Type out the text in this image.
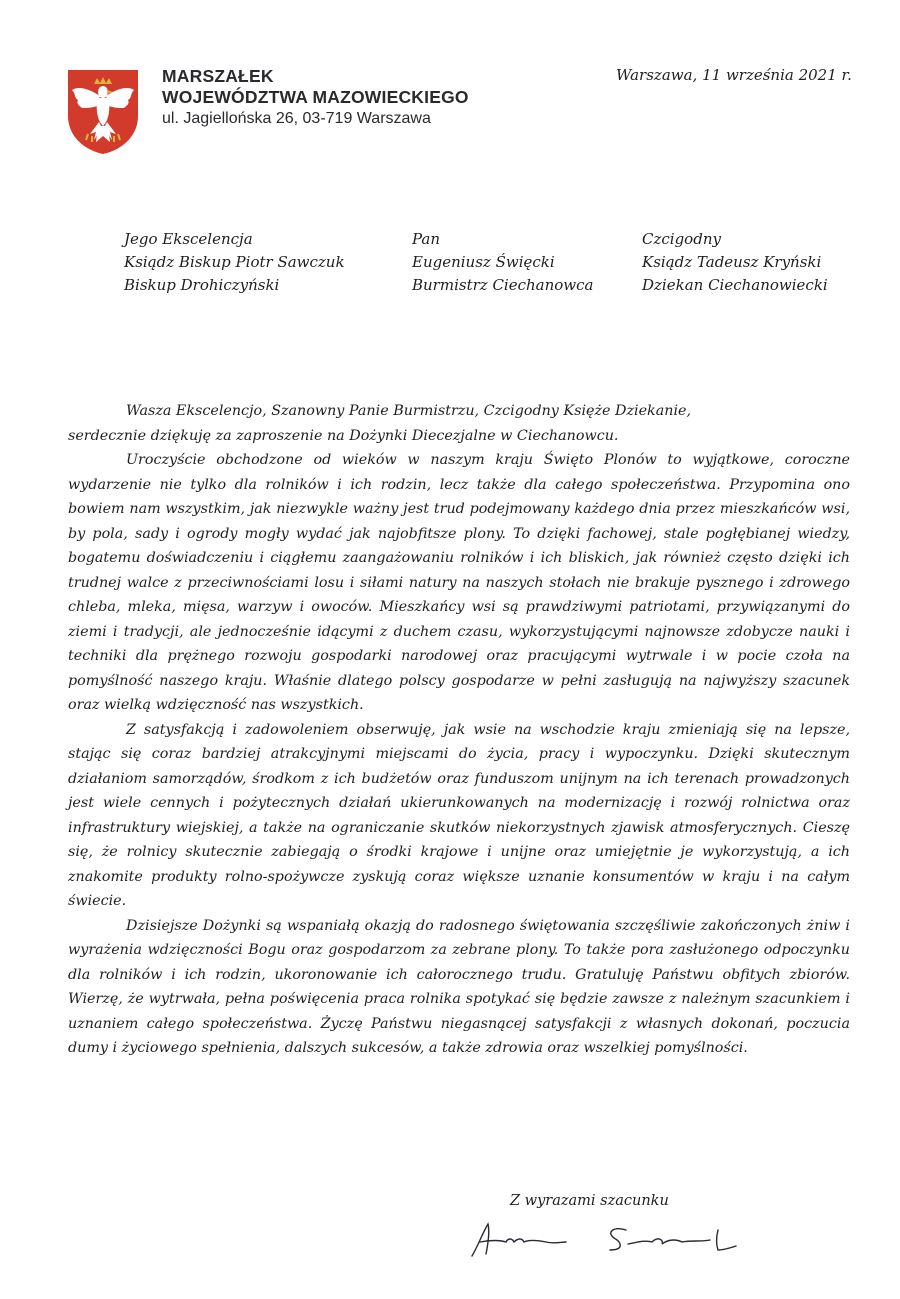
MARSZAŁEK
WOJEWÓDZTWA MAZOWIECKIEGO
ul. Jagiellońska 26, 03-719 Warszawa
Warszawa, 11 września 2021 r.
Jego Ekscelencja
Ksiądz Biskup Piotr Sawczuk
Biskup Drohiczyński
Pan
Eugeniusz Święcki
Burmistrz Ciechanowca
Czcigodny
Ksiądz Tadeusz Kryński
Dziekan Ciechanowiecki
Wasza Ekscelencjo, Szanowny Panie Burmistrzu, Czcigodny Księże Dziekanie,
serdecznie dziękuję za zaproszenie na Dożynki Diecezjalne w Ciechanowcu.

Uroczyście obchodzone od wieków w naszym kraju Święto Plonów to wyjątkowe, coroczne wydarzenie nie tylko dla rolników i ich rodzin, lecz także dla całego społeczeństwa. Przypomina ono bowiem nam wszystkim, jak niezwykle ważny jest trud podejmowany każdego dnia przez mieszkańców wsi, by pola, sady i ogrody mogły wydać jak najobfitsze plony. To dzięki fachowej, stale pogłębianej wiedzy, bogatemu doświadczeniu i ciągłemu zaangażowaniu rolników i ich bliskich, jak również często dzięki ich trudnej walce z przeciwnościami losu i siłami natury na naszych stołach nie brakuje pysznego i zdrowego chleba, mleka, mięsa, warzyw i owoców. Mieszkańcy wsi są prawdziwymi patriotami, przywiązanymi do ziemi i tradycji, ale jednocześnie idącymi z duchem czasu, wykorzystującymi najnowsze zdobycze nauki i techniki dla prężnego rozwoju gospodarki narodowej oraz pracującymi wytrwale i w pocie czoła na pomyślność naszego kraju. Właśnie dlatego polscy gospodarze w pełni zasługują na najwyższy szacunek oraz wielką wdzięczność nas wszystkich.

Z satysfakcją i zadowoleniem obserwuję, jak wsie na wschodzie kraju zmieniają się na lepsze, stając się coraz bardziej atrakcyjnymi miejscami do życia, pracy i wypoczynku. Dzięki skutecznym działaniom samorządów, środkom z ich budżetów oraz funduszom unijnym na ich terenach prowadzonych jest wiele cennych i pożytecznych działań ukierunkowanych na modernizację i rozwój rolnictwa oraz infrastruktury wiejskiej, a także na ograniczanie skutków niekorzystnych zjawisk atmosferycznych. Cieszę się, że rolnicy skutecznie zabiegają o środki krajowe i unijne oraz umiejętnie je wykorzystują, a ich znakomite produkty rolno-spożywcze zyskują coraz większe uznanie konsumentów w kraju i na całym świecie.

Dzisiejsze Dożynki są wspaniałą okazją do radosnego świętowania szczęśliwie zakończonych żniw i wyrażenia wdzięczności Bogu oraz gospodarzom za zebrane plony. To także pora zasłużonego odpoczynku dla rolników i ich rodzin, ukoronowanie ich całorocznego trudu. Gratuluję Państwu obfitych zbiorów. Wierzę, że wytrwała, pełna poświęcenia praca rolnika spotykać się będzie zawsze z należnym szacunkiem i uznaniem całego społeczeństwa. Życzę Państwu niegasnącej satysfakcji z własnych dokonań, poczucia dumy i życiowego spełnienia, dalszych sukcesów, a także zdrowia oraz wszelkiej pomyślności.

Z wyrazami szacunku
